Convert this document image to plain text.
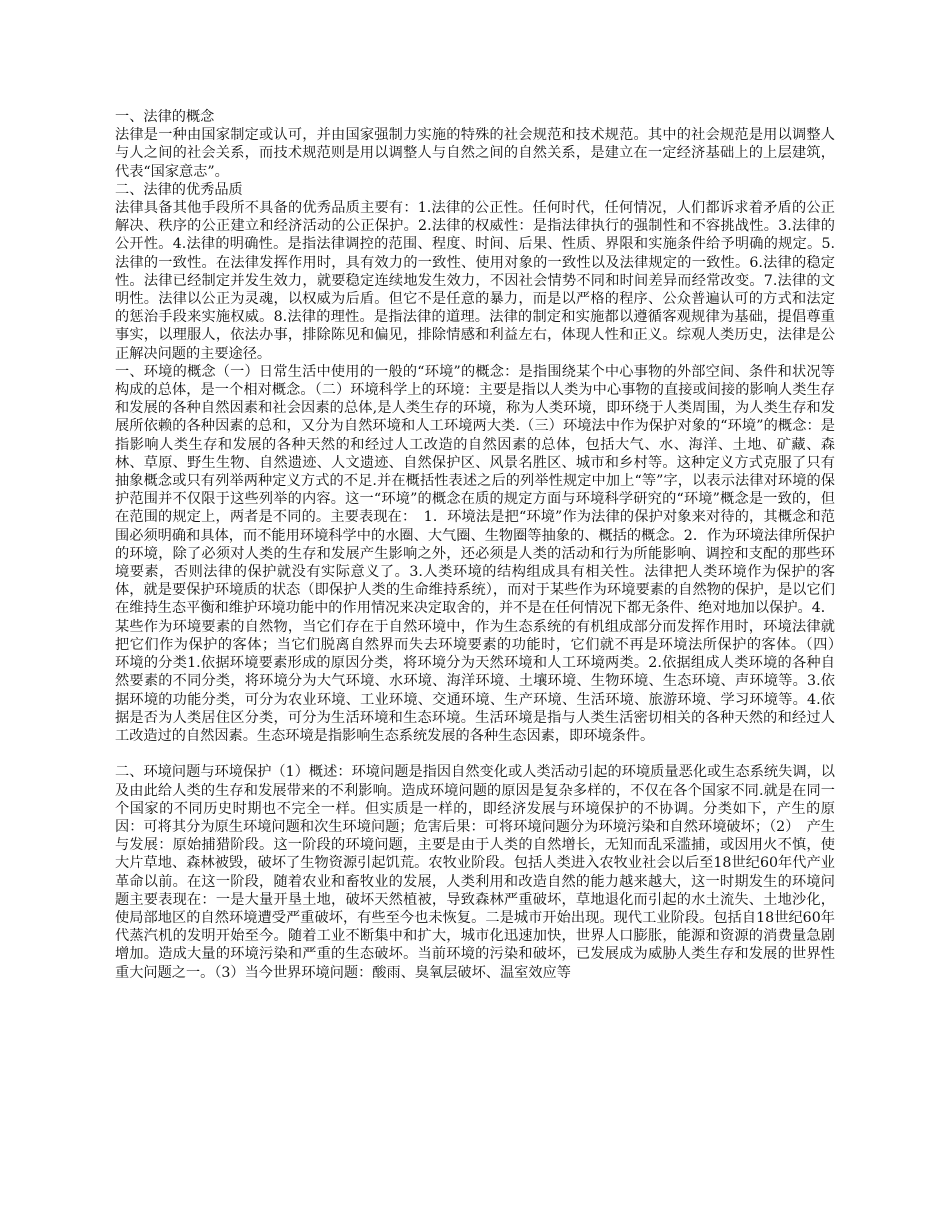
一、法律的概念

法律是一种由国家制定或认可，并由国家强制力实施的特殊的社会规范和技术规范。其中的社会规范是用以调整人与人之间的社会关系，而技术规范则是用以调整人与自然之间的自然关系，是建立在一定经济基础上的上层建筑，代表“国家意志”。

二、法律的优秀品质

法律具备其他手段所不具备的优秀品质主要有：1.法律的公正性。任何时代，任何情况，人们都诉求着矛盾的公正解决、秩序的公正建立和经济活动的公正保护。2.法律的权威性：是指法律执行的强制性和不容挑战性。3.法律的公开性。4.法律的明确性。是指法律调控的范围、程度、时间、后果、性质、界限和实施条件给予明确的规定。5.法律的一致性。在法律发挥作用时，具有效力的一致性、使用对象的一致性以及法律规定的一致性。6.法律的稳定性。法律已经制定并发生效力，就要稳定连续地发生效力，不因社会情势不同和时间差异而经常改变。7.法律的文明性。法律以公正为灵魂，以权威为后盾。但它不是任意的暴力，而是以严格的程序、公众普遍认可的方式和法定的惩治手段来实施权威。8.法律的理性。是指法律的道理。法律的制定和实施都以遵循客观规律为基础，提倡尊重事实，以理服人，依法办事，排除陈见和偏见，排除情感和利益左右，体现人性和正义。综观人类历史，法律是公正解决问题的主要途径。

一、环境的概念（一）日常生活中使用的一般的“环境”的概念：是指围绕某个中心事物的外部空间、条件和状况等构成的总体，是一个相对概念。（二）环境科学上的环境：主要是指以人类为中心事物的直接或间接的影响人类生存和发展的各种自然因素和社会因素的总体,是人类生存的环境，称为人类环境，即环绕于人类周围，为人类生存和发展所依赖的各种因素的总和，又分为自然环境和人工环境两大类.（三）环境法中作为保护对象的“环境”的概念：是指影响人类生存和发展的各种天然的和经过人工改造的自然因素的总体，包括大气、水、海洋、土地、矿藏、森林、草原、野生生物、自然遗迹、人文遗迹、自然保护区、风景名胜区、城市和乡村等。这种定义方式克服了只有抽象概念或只有列举两种定义方式的不足.并在概括性表述之后的列举性规定中加上“等”字，以表示法律对环境的保护范围并不仅限于这些列举的内容。这一“环境”的概念在质的规定方面与环境科学研究的“环境”概念是一致的，但在范围的规定上，两者是不同的。主要表现在：　1．环境法是把“环境”作为法律的保护对象来对待的，其概念和范围必须明确和具体，而不能用环境科学中的水圈、大气圈、生物圈等抽象的、概括的概念。2．作为环境法律所保护的环境，除了必须对人类的生存和发展产生影响之外，还必须是人类的活动和行为所能影响、调控和支配的那些环境要素，否则法律的保护就没有实际意义了。3.人类环境的结构组成具有相关性。法律把人类环境作为保护的客体，就是要保护环境质的状态（即保护人类的生命维持系统），而对于某些作为环境要素的自然物的保护，是以它们在维持生态平衡和维护环境功能中的作用情况来决定取舍的，并不是在任何情况下都无条件、绝对地加以保护。4．某些作为环境要素的自然物，当它们存在于自然环境中，作为生态系统的有机组成部分而发挥作用时，环境法律就把它们作为保护的客体；当它们脱离自然界而失去环境要素的功能时，它们就不再是环境法所保护的客体。（四）　环境的分类1.依据环境要素形成的原因分类，将环境分为天然环境和人工环境两类。2.依据组成人类环境的各种自然要素的不同分类，将环境分为大气环境、水环境、海洋环境、土壤环境、生物环境、生态环境、声环境等。3.依据环境的功能分类，可分为农业环境、工业环境、交通环境、生产环境、生活环境、旅游环境、学习环境等。4.依据是否为人类居住区分类，可分为生活环境和生态环境。生活环境是指与人类生活密切相关的各种天然的和经过人工改造过的自然因素。生态环境是指影响生态系统发展的各种生态因素，即环境条件。

二、环境问题与环境保护（1）概述：环境问题是指因自然变化或人类活动引起的环境质量恶化或生态系统失调，以及由此给人类的生存和发展带来的不利影响。造成环境问题的原因是复杂多样的，不仅在各个国家不同.就是在同一个国家的不同历史时期也不完全一样。但实质是一样的，即经济发展与环境保护的不协调。分类如下，产生的原因：可将其分为原生环境问题和次生环境问题；危害后果：可将环境问题分为环境污染和自然环境破坏；（2）　产生与发展：原始捕猎阶段。这一阶段的环境问题，主要是由于人类的自然增长，无知而乱采滥捕，或因用火不慎，使大片草地、森林被毁，破坏了生物资源引起饥荒。农牧业阶段。包括人类进入农牧业社会以后至18世纪60年代产业革命以前。在这一阶段，随着农业和畜牧业的发展，人类利用和改造自然的能力越来越大，这一时期发生的环境问题主要表现在：一是大量开垦土地，破坏天然植被，导致森林严重破坏，草地退化而引起的水土流失、土地沙化，使局部地区的自然环境遭受严重破坏，有些至今也未恢复。二是城市开始出现。现代工业阶段。包括自18世纪60年代蒸汽机的发明开始至今。随着工业不断集中和扩大，城市化迅速加快，世界人口膨胀，能源和资源的消费量急剧增加。造成大量的环境污染和严重的生态破坏。当前环境的污染和破坏，已发展成为威胁人类生存和发展的世界性重大问题之一。（3）当今世界环境问题：酸雨、臭氧层破坏、温室效应等
